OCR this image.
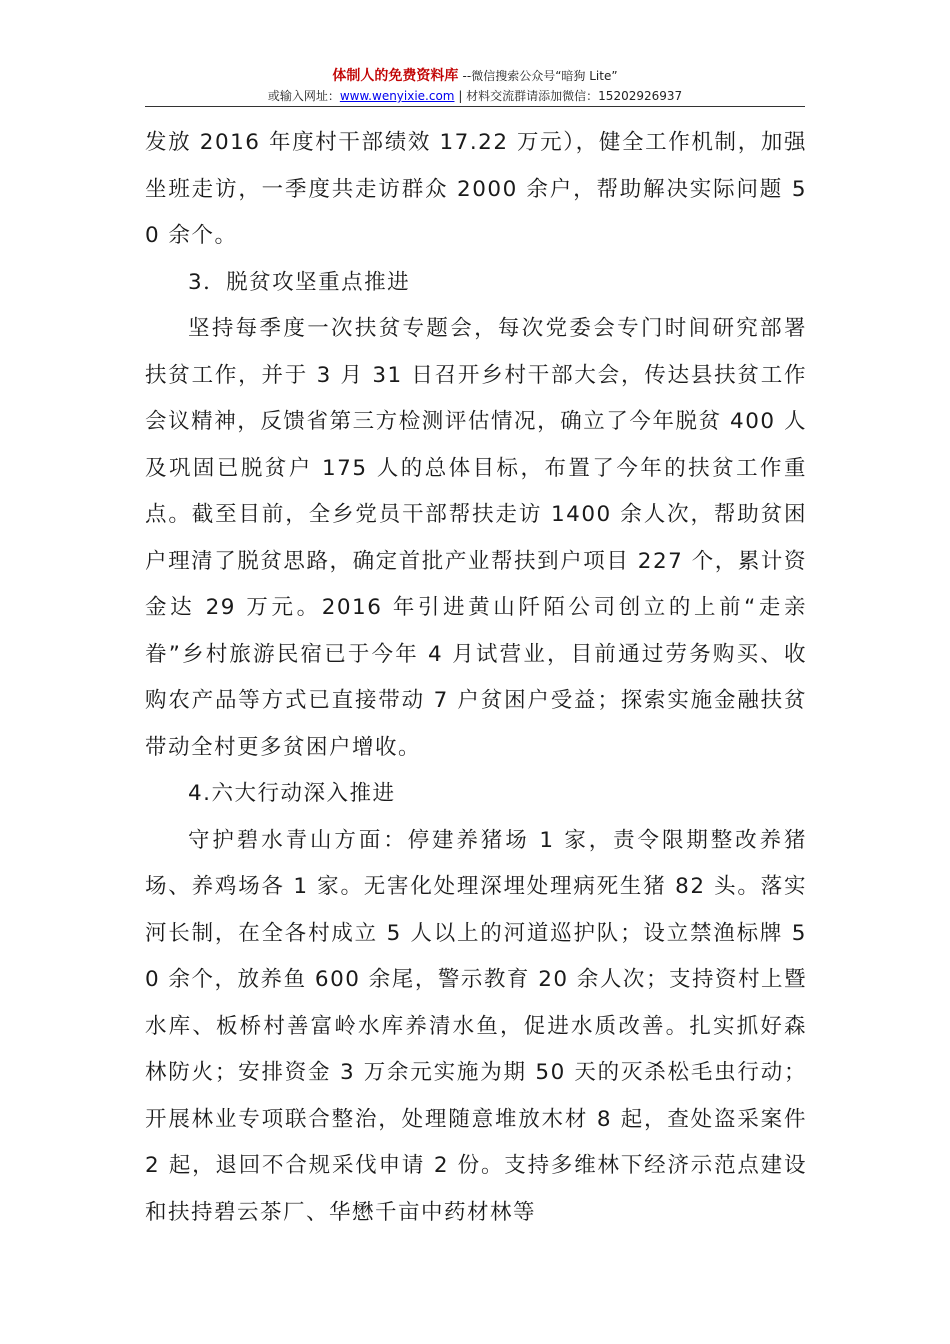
体制人的免费资料库 --微信搜索公众号“暗狗 Lite”
或输入网址：www.wenyixie.com | 材料交流群请添加微信：15202926937

发放 2016 年度村干部绩效 17.22 万元），健全工作机制，加强坐班走访，一季度共走访群众 2000 余户，帮助解决实际问题 50 余个。

3．脱贫攻坚重点推进

坚持每季度一次扶贫专题会，每次党委会专门时间研究部署扶贫工作，并于 3 月 31 日召开乡村干部大会，传达县扶贫工作会议精神，反馈省第三方检测评估情况，确立了今年脱贫 400 人及巩固已脱贫户 175 人的总体目标，布置了今年的扶贫工作重点。截至目前，全乡党员干部帮扶走访 1400 余人次，帮助贫困户理清了脱贫思路，确定首批产业帮扶到户项目 227 个，累计资金达 29 万元。2016 年引进黄山阡陌公司创立的上前“走亲眷”乡村旅游民宿已于今年 4 月试营业，目前通过劳务购买、收购农产品等方式已直接带动 7 户贫困户受益；探索实施金融扶贫带动全村更多贫困户增收。

4.六大行动深入推进

守护碧水青山方面：停建养猪场 1 家，责令限期整改养猪场、养鸡场各 1 家。无害化处理深埋处理病死生猪 82 头。落实河长制，在全各村成立 5 人以上的河道巡护队；设立禁渔标牌 50 余个，放养鱼 600 余尾，警示教育 20 余人次；支持资村上暨水库、板桥村善富岭水库养清水鱼，促进水质改善。扎实抓好森林防火；安排资金 3 万余元实施为期 50 天的灭杀松毛虫行动；开展林业专项联合整治，处理随意堆放木材 8 起，查处盗采案件 2 起，退回不合规采伐申请 2 份。支持多维林下经济示范点建设和扶持碧云茶厂、华懋千亩中药材林等
